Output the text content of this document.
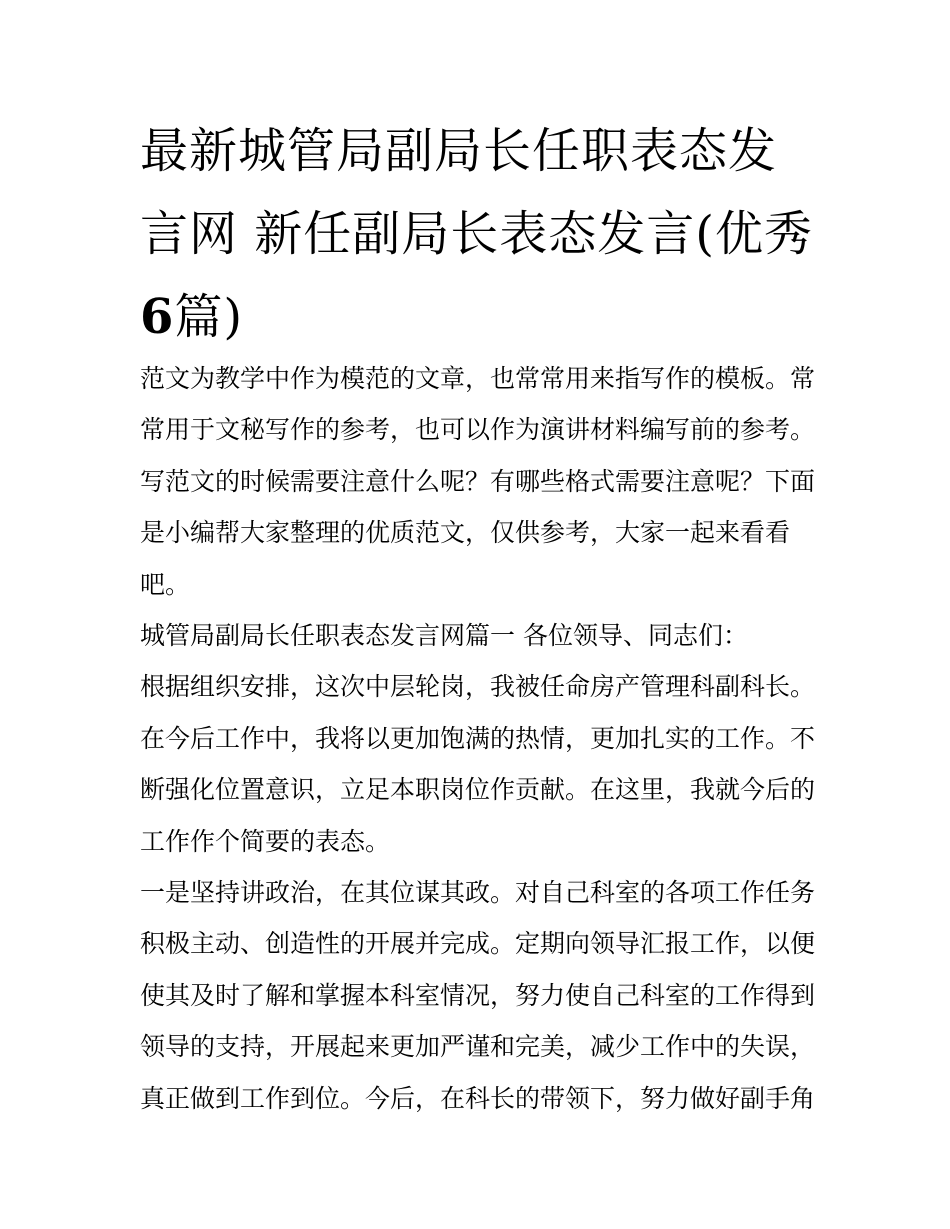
最新城管局副局长任职表态发言网 新任副局长表态发言(优秀6篇)

范文为教学中作为模范的文章，也常常用来指写作的模板。常常用于文秘写作的参考，也可以作为演讲材料编写前的参考。写范文的时候需要注意什么呢？有哪些格式需要注意呢？下面是小编帮大家整理的优质范文，仅供参考，大家一起来看看吧。

城管局副局长任职表态发言网篇一 各位领导、同志们：

根据组织安排，这次中层轮岗，我被任命房产管理科副科长。在今后工作中，我将以更加饱满的热情，更加扎实的工作。不断强化位置意识，立足本职岗位作贡献。在这里，我就今后的工作作个简要的表态。

一是坚持讲政治，在其位谋其政。对自己科室的各项工作任务积极主动、创造性的开展并完成。定期向领导汇报工作，以便使其及时了解和掌握本科室情况，努力使自己科室的工作得到领导的支持，开展起来更加严谨和完美，减少工作中的失误，真正做到工作到位。今后，在科长的带领下，努力做好副手角
